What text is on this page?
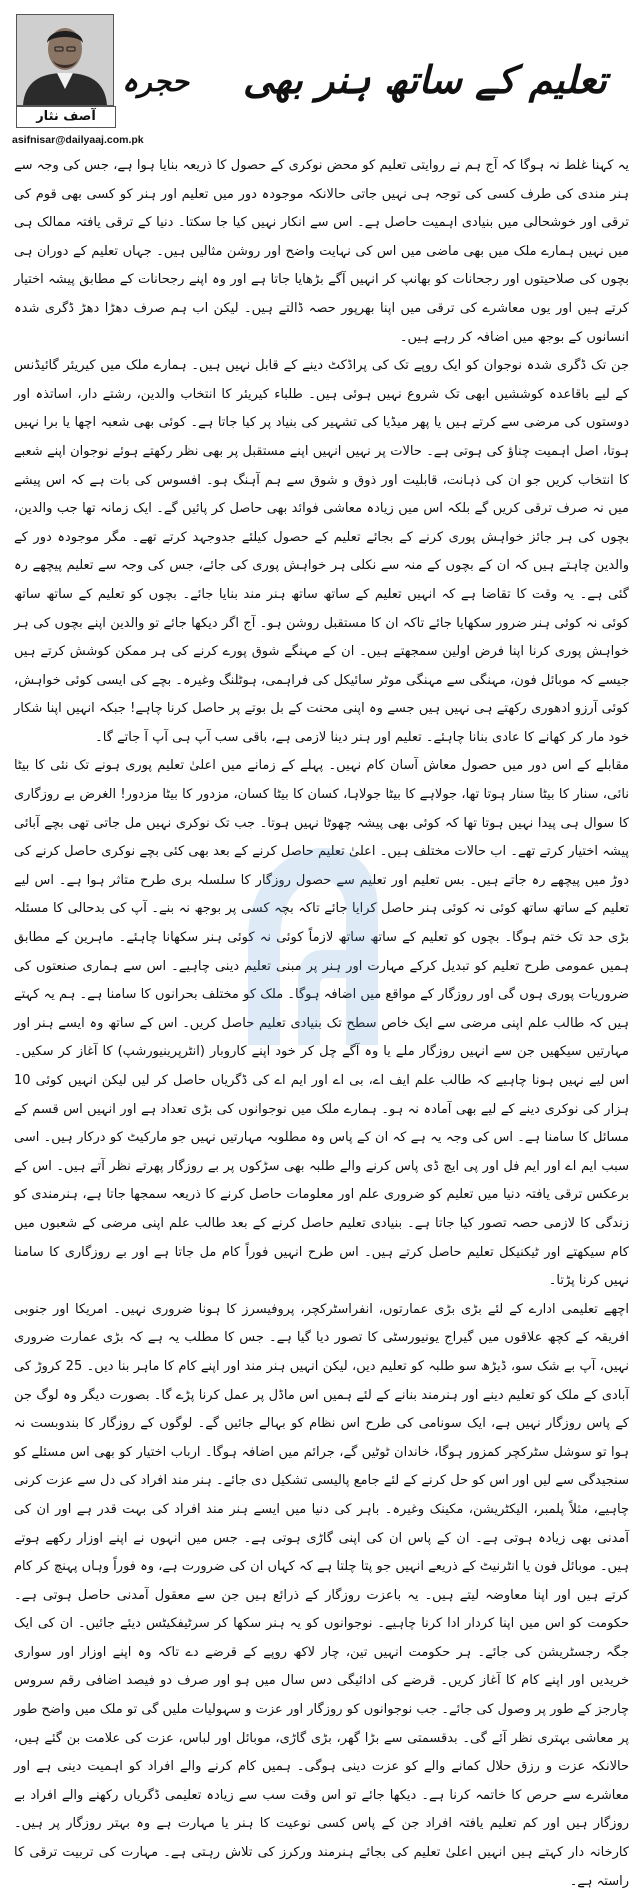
آصف نثار
حجرہ
asifnisar@dailyaaj.com.pk
تعلیم کے ساتھ ہنر بھی

یہ کہنا غلط نہ ہوگا کہ آج ہم نے روایتی تعلیم کو محض نوکری کے حصول کا ذریعہ بنایا ہوا ہے، جس کی وجہ سے ہنر مندی کی طرف کسی کی توجہ ہی نہیں جاتی حالانکہ موجودہ دور میں تعلیم اور ہنر کو کسی بھی قوم کی ترقی اور خوشحالی میں بنیادی اہمیت حاصل ہے۔ اس سے انکار نہیں کیا جا سکتا۔ دنیا کے ترقی یافتہ ممالک ہی میں نہیں ہمارے ملک میں بھی ماضی میں اس کی نہایت واضح اور روشن مثالیں ہیں۔ جہاں تعلیم کے دوران ہی بچوں کی صلاحیتوں اور رجحانات کو بھانپ کر انہیں آگے بڑھایا جاتا ہے اور وہ اپنے رجحانات کے مطابق پیشہ اختیار کرتے ہیں اور یوں معاشرے کی ترقی میں اپنا بھرپور حصہ ڈالتے ہیں۔ لیکن اب ہم صرف دھڑا دھڑ ڈگری شدہ انسانوں کے بوجھ میں اضافہ کر رہے ہیں۔

جن تک ڈگری شدہ نوجوان کو ایک روپے تک کی پراڈکٹ دینے کے قابل نہیں ہیں۔ ہمارے ملک میں کیریئر گائیڈنس کے لیے باقاعدہ کوششیں ابھی تک شروع نہیں ہوئی ہیں۔ طلباء کیریئر کا انتخاب والدین، رشتے دار، اساتذہ اور دوستوں کی مرضی سے کرتے ہیں یا پھر میڈیا کی تشہیر کی بنیاد پر کیا جاتا ہے۔ کوئی بھی شعبہ اچھا یا برا نہیں ہوتا، اصل اہمیت چناؤ کی ہوتی ہے۔ حالات پر نہیں انہیں اپنے مستقبل پر بھی نظر رکھتے ہوئے نوجوان اپنے شعبے کا انتخاب کریں جو ان کی ذہانت، قابلیت اور ذوق و شوق سے ہم آہنگ ہو۔ افسوس کی بات ہے کہ اس پیشے میں نہ صرف ترقی کریں گے بلکہ اس میں زیادہ معاشی فوائد بھی حاصل کر پائیں گے۔ ایک زمانہ تھا جب والدین، بچوں کی ہر جائز خواہش پوری کرنے کے بجائے تعلیم کے حصول کیلئے جدوجہد کرتے تھے۔ مگر موجودہ دور کے والدین چاہتے ہیں کہ ان کے بچوں کے منہ سے نکلی ہر خواہش پوری کی جائے، جس کی وجہ سے تعلیم پیچھے رہ گئی ہے۔ یہ وقت کا تقاضا ہے کہ انہیں تعلیم کے ساتھ ساتھ ہنر مند بنایا جائے۔ بچوں کو تعلیم کے ساتھ ساتھ کوئی نہ کوئی ہنر ضرور سکھایا جائے تاکہ ان کا مستقبل روشن ہو۔ آج اگر دیکھا جائے تو والدین اپنے بچوں کی ہر خواہش پوری کرنا اپنا فرض اولین سمجھتے ہیں۔ ان کے مہنگے شوق پورے کرنے کی ہر ممکن کوشش کرتے ہیں جیسے کہ موبائل فون، مہنگی سے مہنگی موٹر سائیکل کی فراہمی، ہوٹلنگ وغیرہ۔ بچے کی ایسی کوئی خواہش، کوئی آرزو ادھوری رکھتے ہی نہیں ہیں جسے وہ اپنی محنت کے بل بوتے پر حاصل کرنا چاہے! جبکہ انہیں اپنا شکار خود مار کر کھانے کا عادی بنانا چاہئے۔ تعلیم اور ہنر دینا لازمی ہے، باقی سب آپ ہی آپ آ جاتے گا۔

مقابلے کے اس دور میں حصول معاش آسان کام نہیں۔ پہلے کے زمانے میں اعلیٰ تعلیم پوری ہونے تک نئی کا بیٹا نائی، سنار کا بیٹا سنار ہوتا تھا، جولاہے کا بیٹا جولاہا، کسان کا بیٹا کسان، مزدور کا بیٹا مزدور! الغرض بے روزگاری کا سوال ہی پیدا نہیں ہوتا تھا کہ کوئی بھی پیشہ چھوٹا نہیں ہوتا۔ جب تک نوکری نہیں مل جاتی تھی بچے آبائی پیشہ اختیار کرتے تھے۔ اب حالات مختلف ہیں۔ اعلیٰ تعلیم حاصل کرنے کے بعد بھی کئی بچے نوکری حاصل کرنے کی دوڑ میں پیچھے رہ جاتے ہیں۔ بس تعلیم اور تعلیم سے حصول روزگار کا سلسلہ بری طرح متاثر ہوا ہے۔ اس لیے تعلیم کے ساتھ ساتھ کوئی نہ کوئی ہنر حاصل کرایا جائے تاکہ بچہ کسی پر بوجھ نہ بنے۔ آپ کی بدحالی کا مسئلہ بڑی حد تک ختم ہوگا۔ بچوں کو تعلیم کے ساتھ ساتھ لازماً کوئی نہ کوئی ہنر سکھانا چاہئے۔ ماہرین کے مطابق ہمیں عمومی طرح تعلیم کو تبدیل کرکے مہارت اور ہنر پر مبنی تعلیم دینی چاہیے۔ اس سے ہماری صنعتوں کی ضروریات پوری ہوں گی اور روزگار کے مواقع میں اضافہ ہوگا۔ ملک کو مختلف بحرانوں کا سامنا ہے۔ ہم یہ کہتے ہیں کہ طالب علم اپنی مرضی سے ایک خاص سطح تک بنیادی تعلیم حاصل کریں۔ اس کے ساتھ وہ ایسے ہنر اور مہارتیں سیکھیں جن سے انہیں روزگار ملے یا وہ آگے چل کر خود اپنے کاروبار (انٹرپرینیورشپ) کا آغاز کر سکیں۔ اس لیے نہیں ہونا چاہیے کہ طالب علم ایف اے، بی اے اور ایم اے کی ڈگریاں حاصل کر لیں لیکن انہیں کوئی 10 ہزار کی نوکری دینے کے لیے بھی آمادہ نہ ہو۔ ہمارے ملک میں نوجوانوں کی بڑی تعداد ہے اور انہیں اس قسم کے مسائل کا سامنا ہے۔ اس کی وجہ یہ ہے کہ ان کے پاس وہ مطلوبہ مہارتیں نہیں جو مارکیٹ کو درکار ہیں۔ اسی سبب ایم اے اور ایم فل اور پی ایچ ڈی پاس کرنے والے طلبہ بھی سڑکوں پر بے روزگار پھرتے نظر آتے ہیں۔ اس کے برعکس ترقی یافتہ دنیا میں تعلیم کو ضروری علم اور معلومات حاصل کرنے کا ذریعہ سمجھا جاتا ہے، ہنرمندی کو زندگی کا لازمی حصہ تصور کیا جاتا ہے۔ بنیادی تعلیم حاصل کرنے کے بعد طالب علم اپنی مرضی کے شعبوں میں کام سیکھتے اور ٹیکنیکل تعلیم حاصل کرتے ہیں۔ اس طرح انہیں فوراً کام مل جاتا ہے اور بے روزگاری کا سامنا نہیں کرنا پڑتا۔

اچھے تعلیمی ادارے کے لئے بڑی بڑی عمارتوں، انفراسٹرکچر، پروفیسرز کا ہونا ضروری نہیں۔ امریکا اور جنوبی افریقہ کے کچھ علاقوں میں گیراج یونیورسٹی کا تصور دیا گیا ہے۔ جس کا مطلب یہ ہے کہ بڑی عمارت ضروری نہیں، آپ بے شک سو، ڈیڑھ سو طلبہ کو تعلیم دیں، لیکن انہیں ہنر مند اور اپنے کام کا ماہر بنا دیں۔ 25 کروڑ کی آبادی کے ملک کو تعلیم دینے اور ہنرمند بنانے کے لئے ہمیں اس ماڈل پر عمل کرنا پڑے گا۔ بصورت دیگر وہ لوگ جن کے پاس روزگار نہیں ہے، ایک سونامی کی طرح اس نظام کو بہالے جائیں گے۔ لوگوں کے روزگار کا بندوبست نہ ہوا تو سوشل سٹرکچر کمزور ہوگا، خاندان ٹوٹیں گے، جرائم میں اضافہ ہوگا۔ ارباب اختیار کو بھی اس مسئلے کو سنجیدگی سے لیں اور اس کو حل کرنے کے لئے جامع پالیسی تشکیل دی جائے۔ ہنر مند افراد کی دل سے عزت کرنی چاہیے، مثلاً پلمبر، الیکٹریشن، مکینک وغیرہ۔ باہر کی دنیا میں ایسے ہنر مند افراد کی بہت قدر ہے اور ان کی آمدنی بھی زیادہ ہوتی ہے۔ ان کے پاس ان کی اپنی گاڑی ہوتی ہے۔ جس میں انہوں نے اپنے اوزار رکھے ہوتے ہیں۔ موبائل فون یا انٹرنیٹ کے ذریعے انہیں جو پتا چلتا ہے کہ کہاں ان کی ضرورت ہے، وہ فوراً وہاں پہنچ کر کام کرتے ہیں اور اپنا معاوضہ لیتے ہیں۔ یہ باعزت روزگار کے ذرائع ہیں جن سے معقول آمدنی حاصل ہوتی ہے۔ حکومت کو اس میں اپنا کردار ادا کرنا چاہیے۔ نوجوانوں کو یہ ہنر سکھا کر سرٹیفکیٹس دیئے جائیں۔ ان کی ایک جگہ رجسٹریشن کی جائے۔ ہر حکومت انہیں تین، چار لاکھ روپے کے قرضے دے تاکہ وہ اپنے اوزار اور سواری خریدیں اور اپنے کام کا آغاز کریں۔ قرضے کی ادائیگی دس سال میں ہو اور صرف دو فیصد اضافی رقم سروس چارجز کے طور پر وصول کی جائے۔ جب نوجوانوں کو روزگار اور عزت و سہولیات ملیں گی تو ملک میں واضح طور پر معاشی بہتری نظر آئے گی۔ بدقسمتی سے بڑا گھر، بڑی گاڑی، موبائل اور لباس، عزت کی علامت بن گئے ہیں، حالانکہ عزت و رزق حلال کمانے والے کو عزت دینی ہوگی۔ ہمیں کام کرنے والے افراد کو اہمیت دینی ہے اور معاشرے سے حرص کا خاتمہ کرنا ہے۔ دیکھا جائے تو اس وقت سب سے زیادہ تعلیمی ڈگریاں رکھنے والے افراد بے روزگار ہیں اور کم تعلیم یافتہ افراد جن کے پاس کسی نوعیت کا ہنر یا مہارت ہے وہ بہتر روزگار پر ہیں۔ کارخانہ دار کہتے ہیں انہیں اعلیٰ تعلیم کی بجائے ہنرمند ورکرز کی تلاش رہتی ہے۔ مہارت کی تربیت ترقی کا راستہ ہے۔
